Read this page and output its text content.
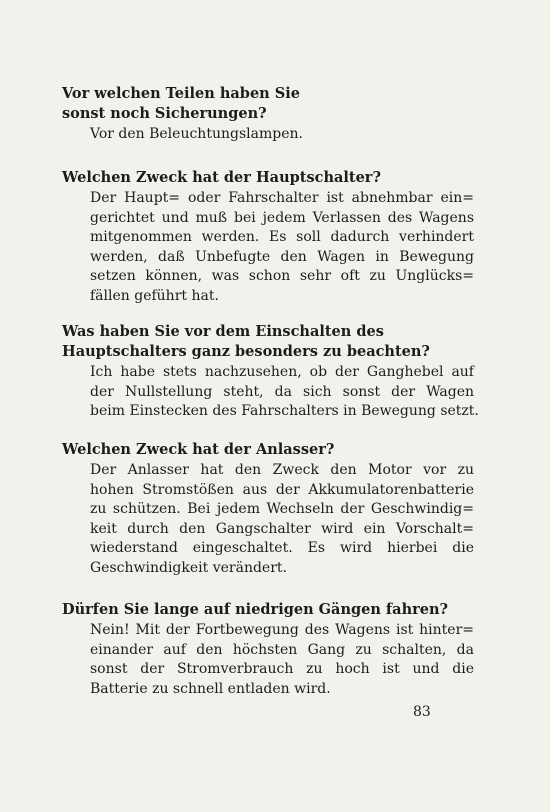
Vor welchen Teilen haben Sie
sonst noch Sicherungen?

Vor den Beleuchtungslampen.

Welchen Zweck hat der Hauptschalter?

Der Haupt= oder Fahrschalter ist abnehmbar ein=
gerichtet und muß bei jedem Verlassen des Wagens
mitgenommen werden. Es soll dadurch verhindert
werden, daß Unbefugte den Wagen in Bewegung
setzen können, was schon sehr oft zu Unglücks=
fällen geführt hat.

Was haben Sie vor dem Einschalten des
Hauptschalters ganz besonders zu beachten?

Ich habe stets nachzusehen, ob der Ganghebel auf
der Nullstellung steht, da sich sonst der Wagen
beim Einstecken des Fahrschalters in Bewegung setzt.

Welchen Zweck hat der Anlasser?

Der Anlasser hat den Zweck den Motor vor zu
hohen Stromstößen aus der Akkumulatorenbatterie
zu schützen. Bei jedem Wechseln der Geschwindig=
keit durch den Gangschalter wird ein Vorschalt=
wiederstand eingeschaltet. Es wird hierbei die
Geschwindigkeit verändert.

Dürfen Sie lange auf niedrigen Gängen fahren?

Nein! Mit der Fortbewegung des Wagens ist hinter=
einander auf den höchsten Gang zu schalten, da
sonst der Stromverbrauch zu hoch ist und die
Batterie zu schnell entladen wird.
83
